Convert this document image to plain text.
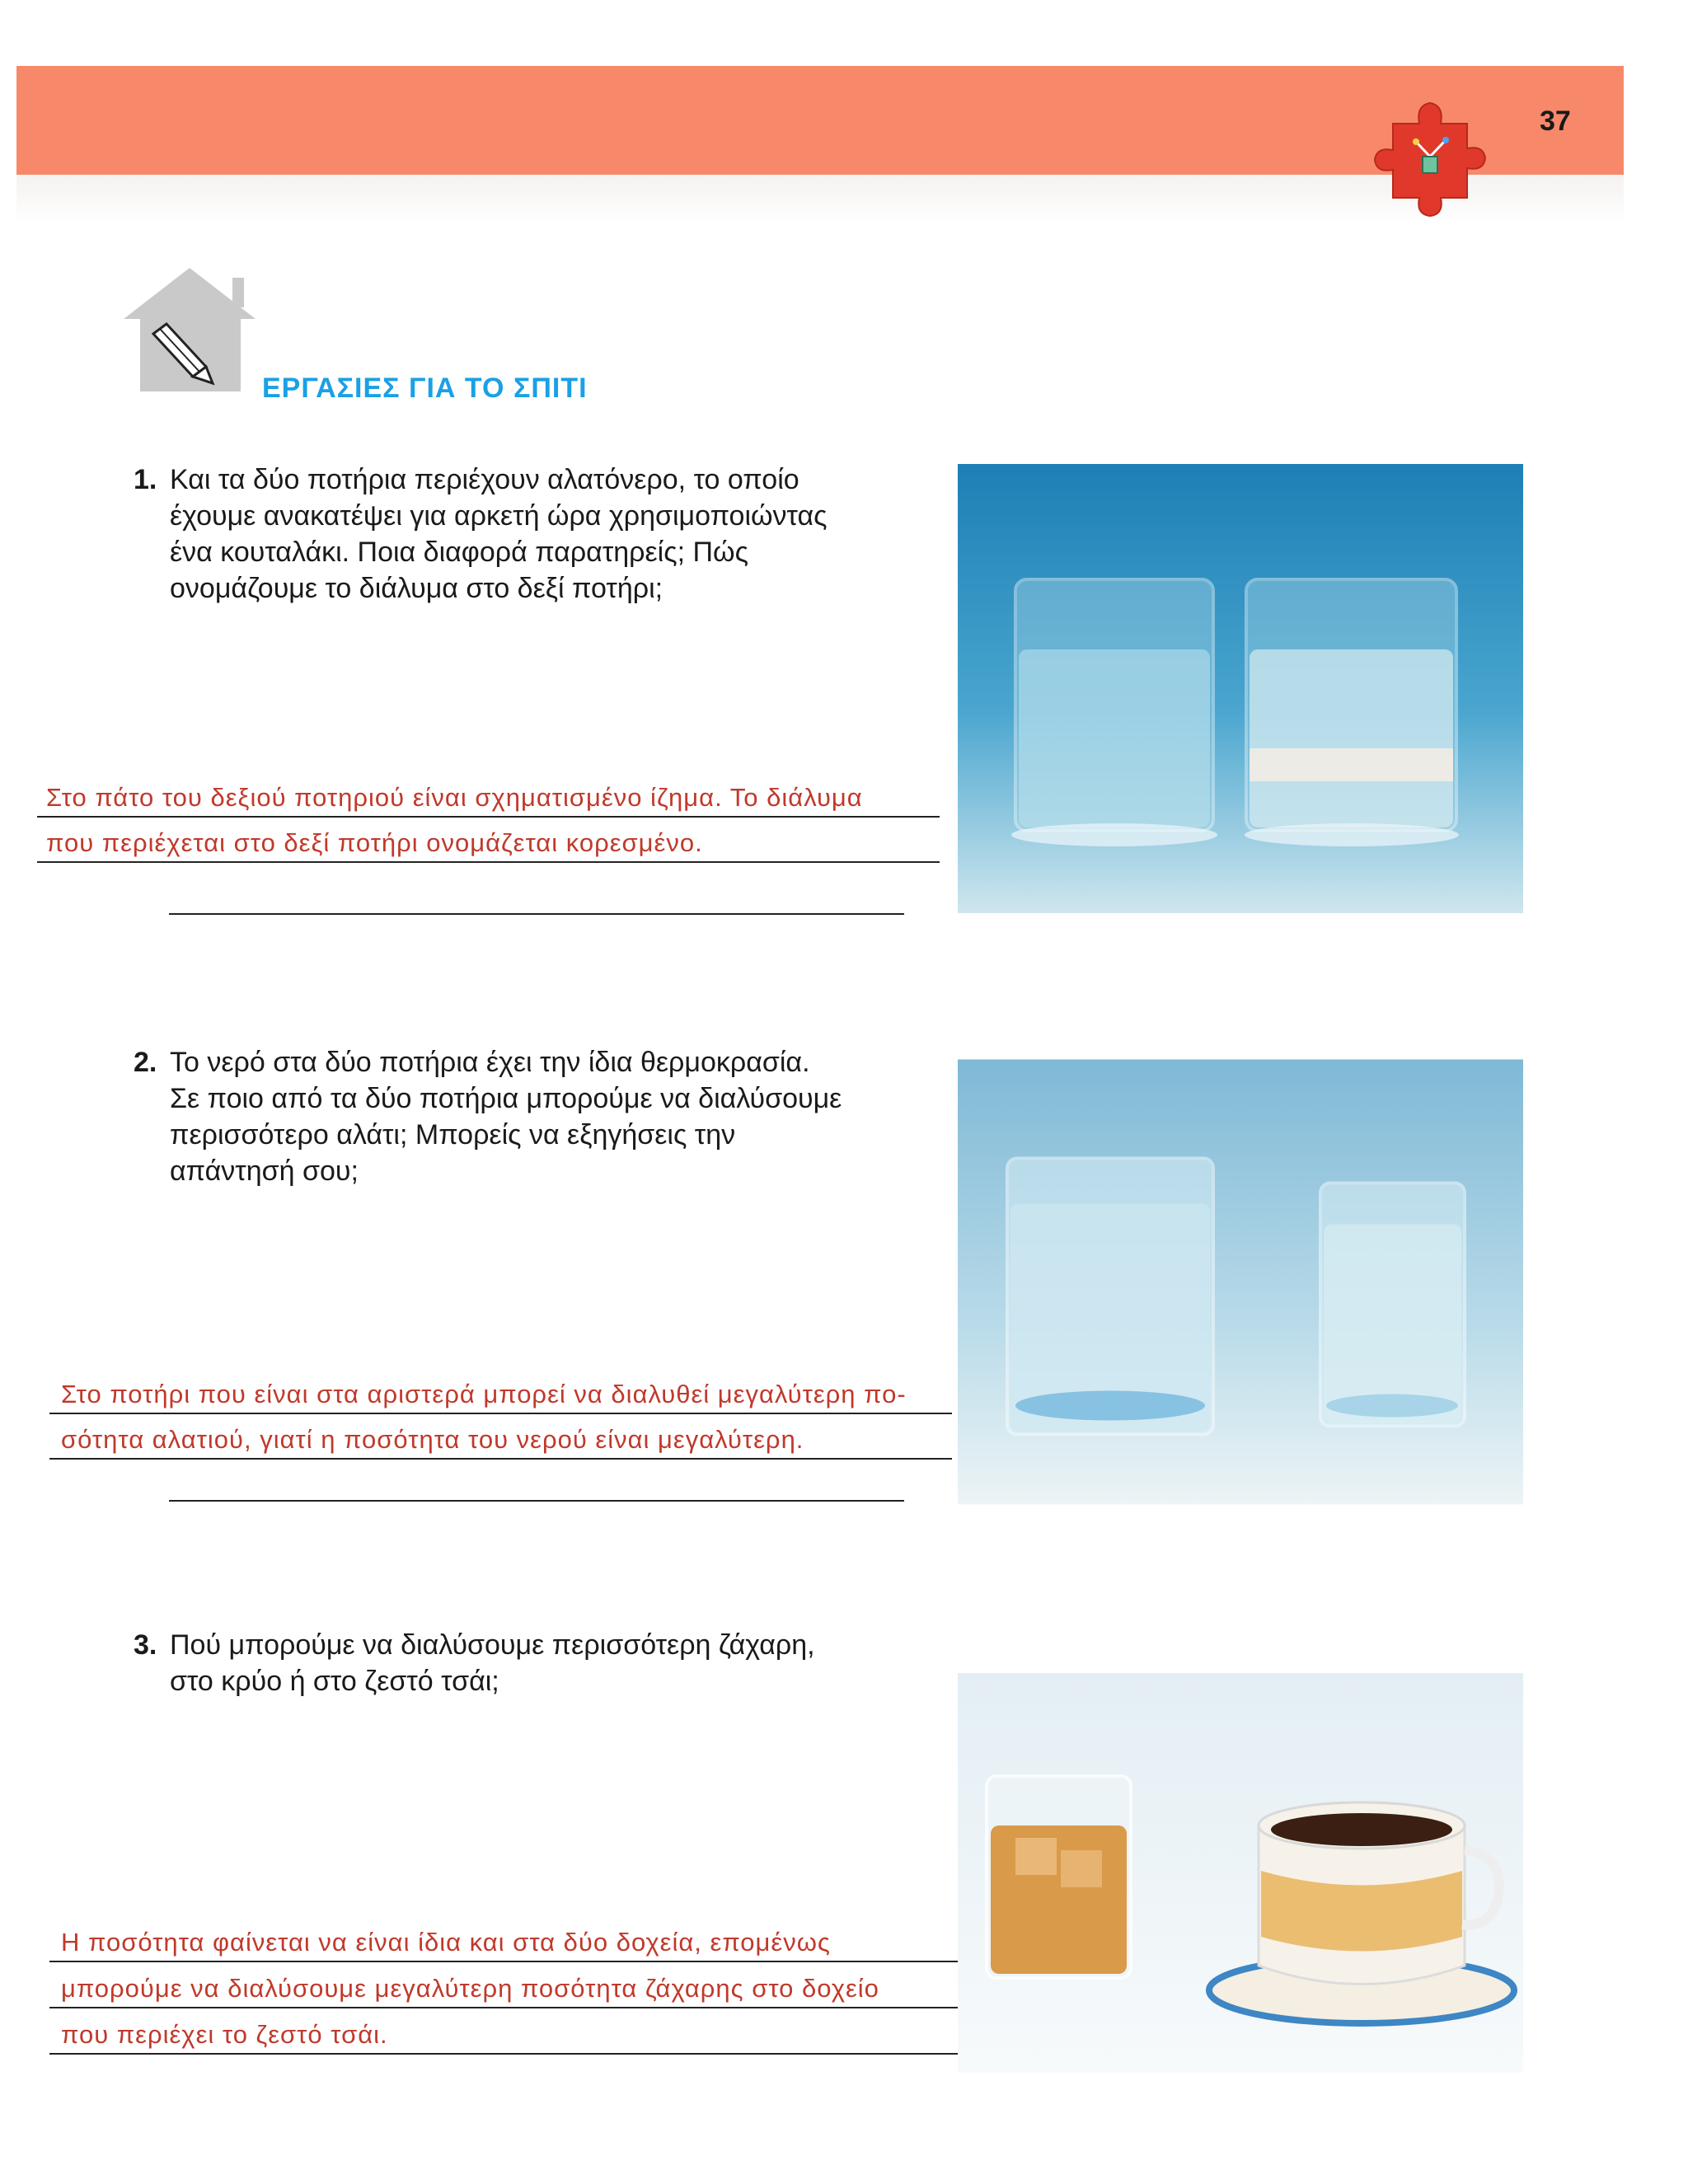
37
ΕΡΓΑΣΙΕΣ ΓΙΑ ΤΟ ΣΠΙΤΙ
1. Και τα δύο ποτήρια περιέχουν αλατόνερο, το οποίο
έχουμε ανακατέψει για αρκετή ώρα χρησιμοποιώντας
ένα κουταλάκι. Ποια διαφορά παρατηρείς; Πώς
ονομάζουμε το διάλυμα στο δεξί ποτήρι;
Στο πάτο του δεξιού ποτηριού είναι σχηματισμένο ίζημα. Το διάλυμα
που περιέχεται στο δεξί ποτήρι ονομάζεται κορεσμένο.
2. Το νερό στα δύο ποτήρια έχει την ίδια θερμοκρασία.
Σε ποιο από τα δύο ποτήρια μπορούμε να διαλύσουμε
περισσότερο αλάτι; Μπορείς να εξηγήσεις την
απάντησή σου;
Στο ποτήρι που είναι στα αριστερά μπορεί να διαλυθεί μεγαλύτερη πο-
σότητα αλατιού, γιατί η ποσότητα του νερού είναι μεγαλύτερη.
3. Πού μπορούμε να διαλύσουμε περισσότερη ζάχαρη,
στο κρύο ή στο ζεστό τσάι;
Η ποσότητα φαίνεται να είναι ίδια και στα δύο δοχεία, επομένως
μπορούμε να διαλύσουμε μεγαλύτερη ποσότητα ζάχαρης στο δοχείο
που περιέχει το ζεστό τσάι.
